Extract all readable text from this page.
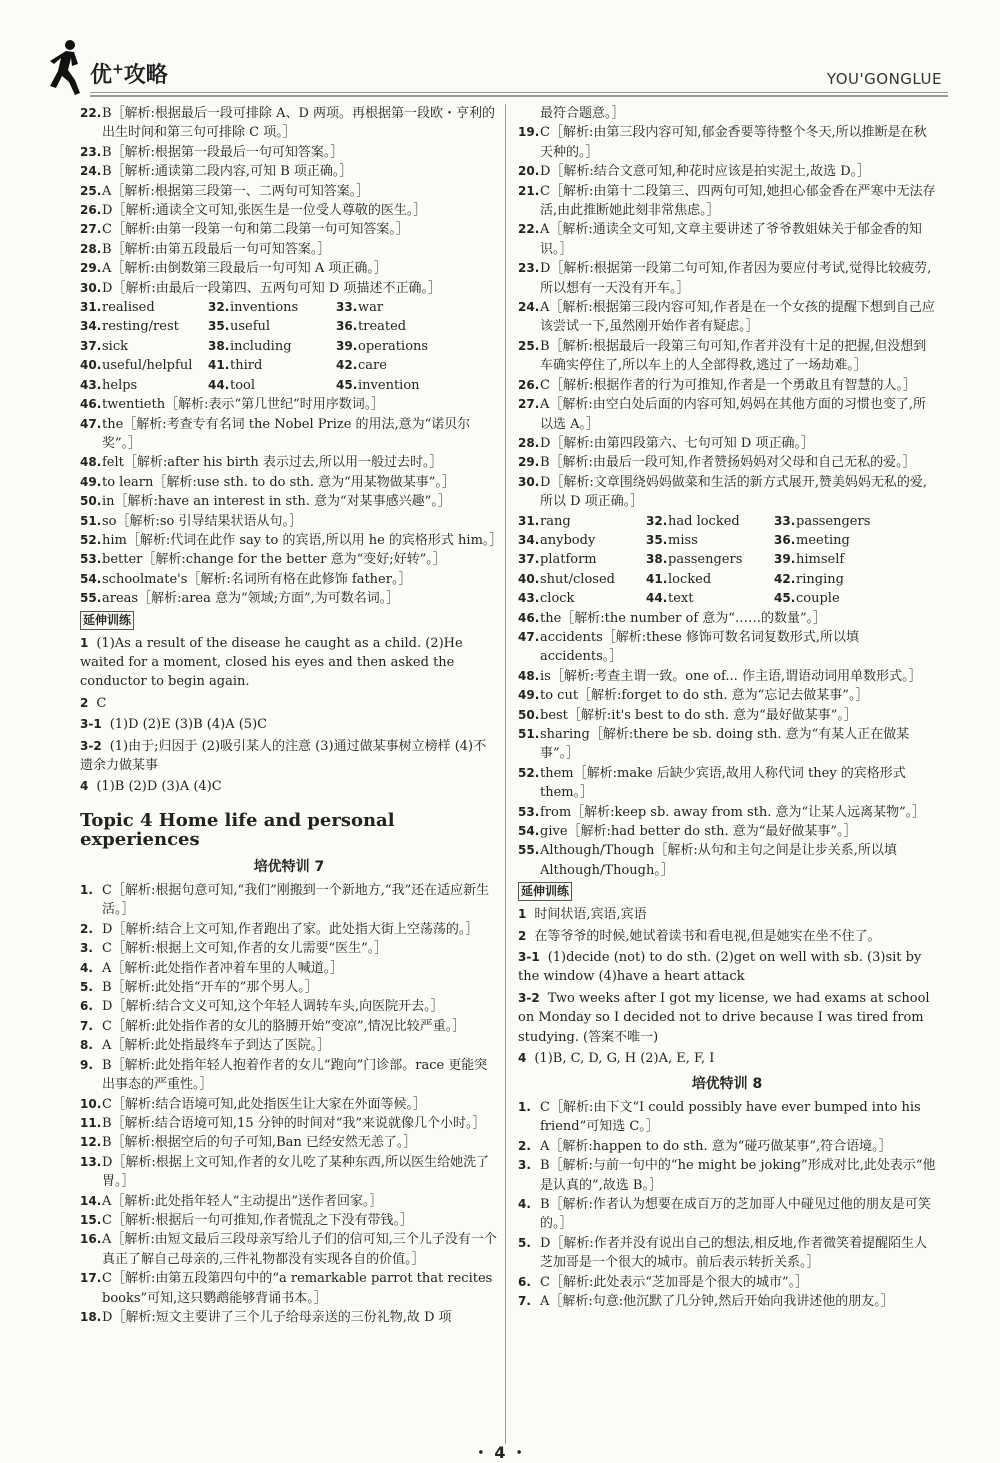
优+攻略	YOU'GONGLUE
22. B［解析:根据最后一段可排除 A、D 两项。再根据第一段欧・亨利的出生时间和第三句可排除 C 项。］
23. B［解析:根据第一段最后一句可知答案。］
24. B［解析:通读第二段内容,可知 B 项正确。］
25. A［解析:根据第三段第一、二两句可知答案。］
26. D［解析:通读全文可知,张医生是一位受人尊敬的医生。］
27. C［解析:由第一段第一句和第二段第一句可知答案。］
28. B［解析:由第五段最后一句可知答案。］
29. A［解析:由倒数第三段最后一句可知 A 项正确。］
30. D［解析:由最后一段第四、五两句可知 D 项描述不正确。］
31. realised	32. inventions	33. war
34. resting/rest 35. useful	36. treated
37. sick	38. including	39. operations
40. useful/helpful 41. third	42. care
43. helps	44. tool	45. invention
46. twentieth［解析:表示“第几世纪”时用序数词。］
47. the［解析:考查专有名词 the Nobel Prize 的用法,意为“诺贝尔奖”。］
48. felt［解析:after his birth 表示过去,所以用一般过去时。］
49. to learn［解析:use sth. to do sth. 意为“用某物做某事”。］
50. in［解析:have an interest in sth. 意为“对某事感兴趣”。］
51. so［解析:so 引导结果状语从句。］
52. him［解析:代词在此作 say to 的宾语,所以用 he 的宾格形式 him。］
53. better［解析:change for the better 意为“变好;好转”。］
54. schoolmate's［解析:名词所有格在此修饰 father。］
55. areas［解析:area 意为“领域;方面”,为可数名词。］
延伸训练
1 (1)As a result of the disease he caught as a child. (2)He waited for a moment, closed his eyes and then asked the conductor to begin again.
2 C
3-1 (1)D (2)E (3)B (4)A (5)C
3-2 (1)由于;归因于 (2)吸引某人的注意 (3)通过做某事树立榜样 (4)不遗余力做某事
4 (1)B (2)D (3)A (4)C
Topic 4 Home life and personal experiences
培优特训 7
1. C［解析:根据句意可知,“我们”刚搬到一个新地方,“我”还在适应新生活。］
2. D［解析:结合上文可知,作者跑出了家。此处指大街上空荡荡的。］
3. C［解析:根据上文可知,作者的女儿需要“医生”。］
4. A［解析:此处指作者冲着车里的人喊道。］
5. B［解析:此处指“开车的”那个男人。］
6. D［解析:结合文义可知,这个年轻人调转车头,向医院开去。］
7. C［解析:此处指作者的女儿的胳膊开始“变凉”,情况比较严重。］
8. A［解析:此处指最终车子到达了医院。］
9. B［解析:此处指年轻人抱着作者的女儿“跑向”门诊部。race 更能突出事态的严重性。］
10. C［解析:结合语境可知,此处指医生让大家在外面等候。］
11. B［解析:结合语境可知,15 分钟的时间对“我”来说就像几个小时。］
12. B［解析:根据空后的句子可知,Ban 已经安然无恙了。］
13. D［解析:根据上文可知,作者的女儿吃了某种东西,所以医生给她洗了胃。］
14. A［解析:此处指年轻人“主动提出”送作者回家。］
15. C［解析:根据后一句可推知,作者慌乱之下没有带钱。］
16. A［解析:由短文最后三段母亲写给儿子们的信可知,三个儿子没有一个真正了解自己母亲的,三件礼物都没有实现各自的价值。］
17. C［解析:由第五段第四句中的“a remarkable parrot that recites books”可知,这只鹦鹉能够背诵书本。］
18. D［解析:短文主要讲了三个儿子给母亲送的三份礼物,故 D 项
最符合题意。］
19. C［解析:由第三段内容可知,郁金香要等待整个冬天,所以推断是在秋天种的。］
20. D［解析:结合文意可知,种花时应该是拍实泥土,故选 D。］
21. C［解析:由第十二段第三、四两句可知,她担心郁金香在严寒中无法存活,由此推断她此刻非常焦虑。］
22. A［解析:通读全文可知,文章主要讲述了爷爷教姐妹关于郁金香的知识。］
23. D［解析:根据第一段第二句可知,作者因为要应付考试,觉得比较疲劳,所以想有一天没有开车。］
24. A［解析:根据第三段内容可知,作者是在一个女孩的提醒下想到自己应该尝试一下,虽然刚开始作者有疑虑。］
25. B［解析:根据最后一段第三句可知,作者并没有十足的把握,但没想到车确实停住了,所以车上的人全部得救,逃过了一场劫难。］
26. C［解析:根据作者的行为可推知,作者是一个勇敢且有智慧的人。］
27. A［解析:由空白处后面的内容可知,妈妈在其他方面的习惯也变了,所以选 A。］
28. D［解析:由第四段第六、七句可知 D 项正确。］
29. B［解析:由最后一段可知,作者赞扬妈妈对父母和自己无私的爱。］
30. D［解析:文章围绕妈妈做菜和生活的新方式展开,赞美妈妈无私的爱,所以 D 项正确。］
31. rang	32. had locked	33. passengers
34. anybody	35. miss	36. meeting
37. platform	38. passengers	39. himself
40. shut/closed	41. locked	42. ringing
43. clock	44. text	45. couple
46. the［解析:the number of 意为“……的数量”。］
47. accidents［解析:these 修饰可数名词复数形式,所以填 accidents。］
48. is［解析:考查主谓一致。one of... 作主语,谓语动词用单数形式。］
49. to cut［解析:forget to do sth. 意为“忘记去做某事”。］
50. best［解析:it's best to do sth. 意为“最好做某事”。］
51. sharing［解析:there be sb. doing sth. 意为“有某人正在做某事”。］
52. them［解析:make 后缺少宾语,故用人称代词 they 的宾格形式 them。］
53. from［解析:keep sb. away from sth. 意为“让某人远离某物”。］
54. give［解析:had better do sth. 意为“最好做某事”。］
55. Although/Though［解析:从句和主句之间是让步关系,所以填 Although/Though。］
延伸训练
1 时间状语,宾语,宾语
2 在等爷爷的时候,她试着读书和看电视,但是她实在坐不住了。
3-1 (1)decide (not) to do sth. (2)get on well with sb. (3)sit by the window (4)have a heart attack
3-2 Two weeks after I got my license, we had exams at school on Monday so I decided not to drive because I was tired from studying. (答案不唯一)
4 (1)B, C, D, G, H (2)A, E, F, I
培优特训 8
1. C［解析:由下文“I could possibly have ever bumped into his friend”可知选 C。］
2. A［解析:happen to do sth. 意为“碰巧做某事”,符合语境。］
3. B［解析:与前一句中的“he might be joking”形成对比,此处表示“他是认真的”,故选 B。］
4. B［解析:作者认为想要在成百万的芝加哥人中碰见过他的朋友是可笑的。］
5. D［解析:作者并没有说出自己的想法,相反地,作者微笑着提醒陌生人芝加哥是一个很大的城市。前后表示转折关系。］
6. C［解析:此处表示“芝加哥是个很大的城市”。］
7. A［解析:句意:他沉默了几分钟,然后开始向我讲述他的朋友。］
・ 4 ・
